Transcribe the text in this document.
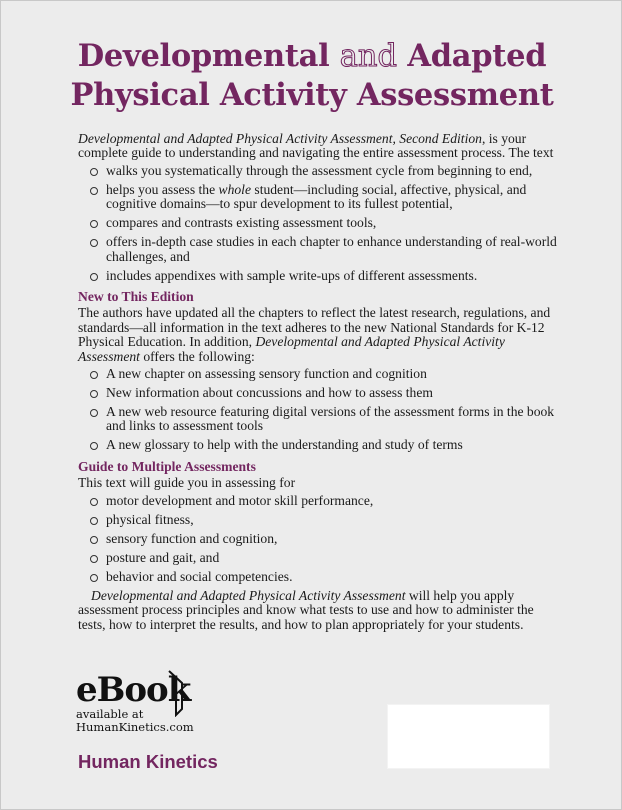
Developmental and Adapted
Physical Activity Assessment

Developmental and Adapted Physical Activity Assessment, Second Edition, is your complete guide to understanding and navigating the entire assessment process. The text

walks you systematically through the assessment cycle from beginning to end,
helps you assess the whole student—including social, affective, physical, and cognitive domains—to spur development to its fullest potential,
compares and contrasts existing assessment tools,
offers in-depth case studies in each chapter to enhance understanding of real-world challenges, and
includes appendixes with sample write-ups of different assessments.

New to This Edition

The authors have updated all the chapters to reflect the latest research, regulations, and standards—all information in the text adheres to the new National Standards for K-12 Physical Education. In addition, Developmental and Adapted Physical Activity Assessment offers the following:

A new chapter on assessing sensory function and cognition
New information about concussions and how to assess them
A new web resource featuring digital versions of the assessment forms in the book and links to assessment tools
A new glossary to help with the understanding and study of terms

Guide to Multiple Assessments

This text will guide you in assessing for

motor development and motor skill performance,
physical fitness,
sensory function and cognition,
posture and gait, and
behavior and social competencies.

Developmental and Adapted Physical Activity Assessment will help you apply assessment process principles and know what tests to use and how to administer the tests, how to interpret the results, and how to plan appropriately for your students.

eBook
available at
HumanKinetics.com
Human Kinetics
